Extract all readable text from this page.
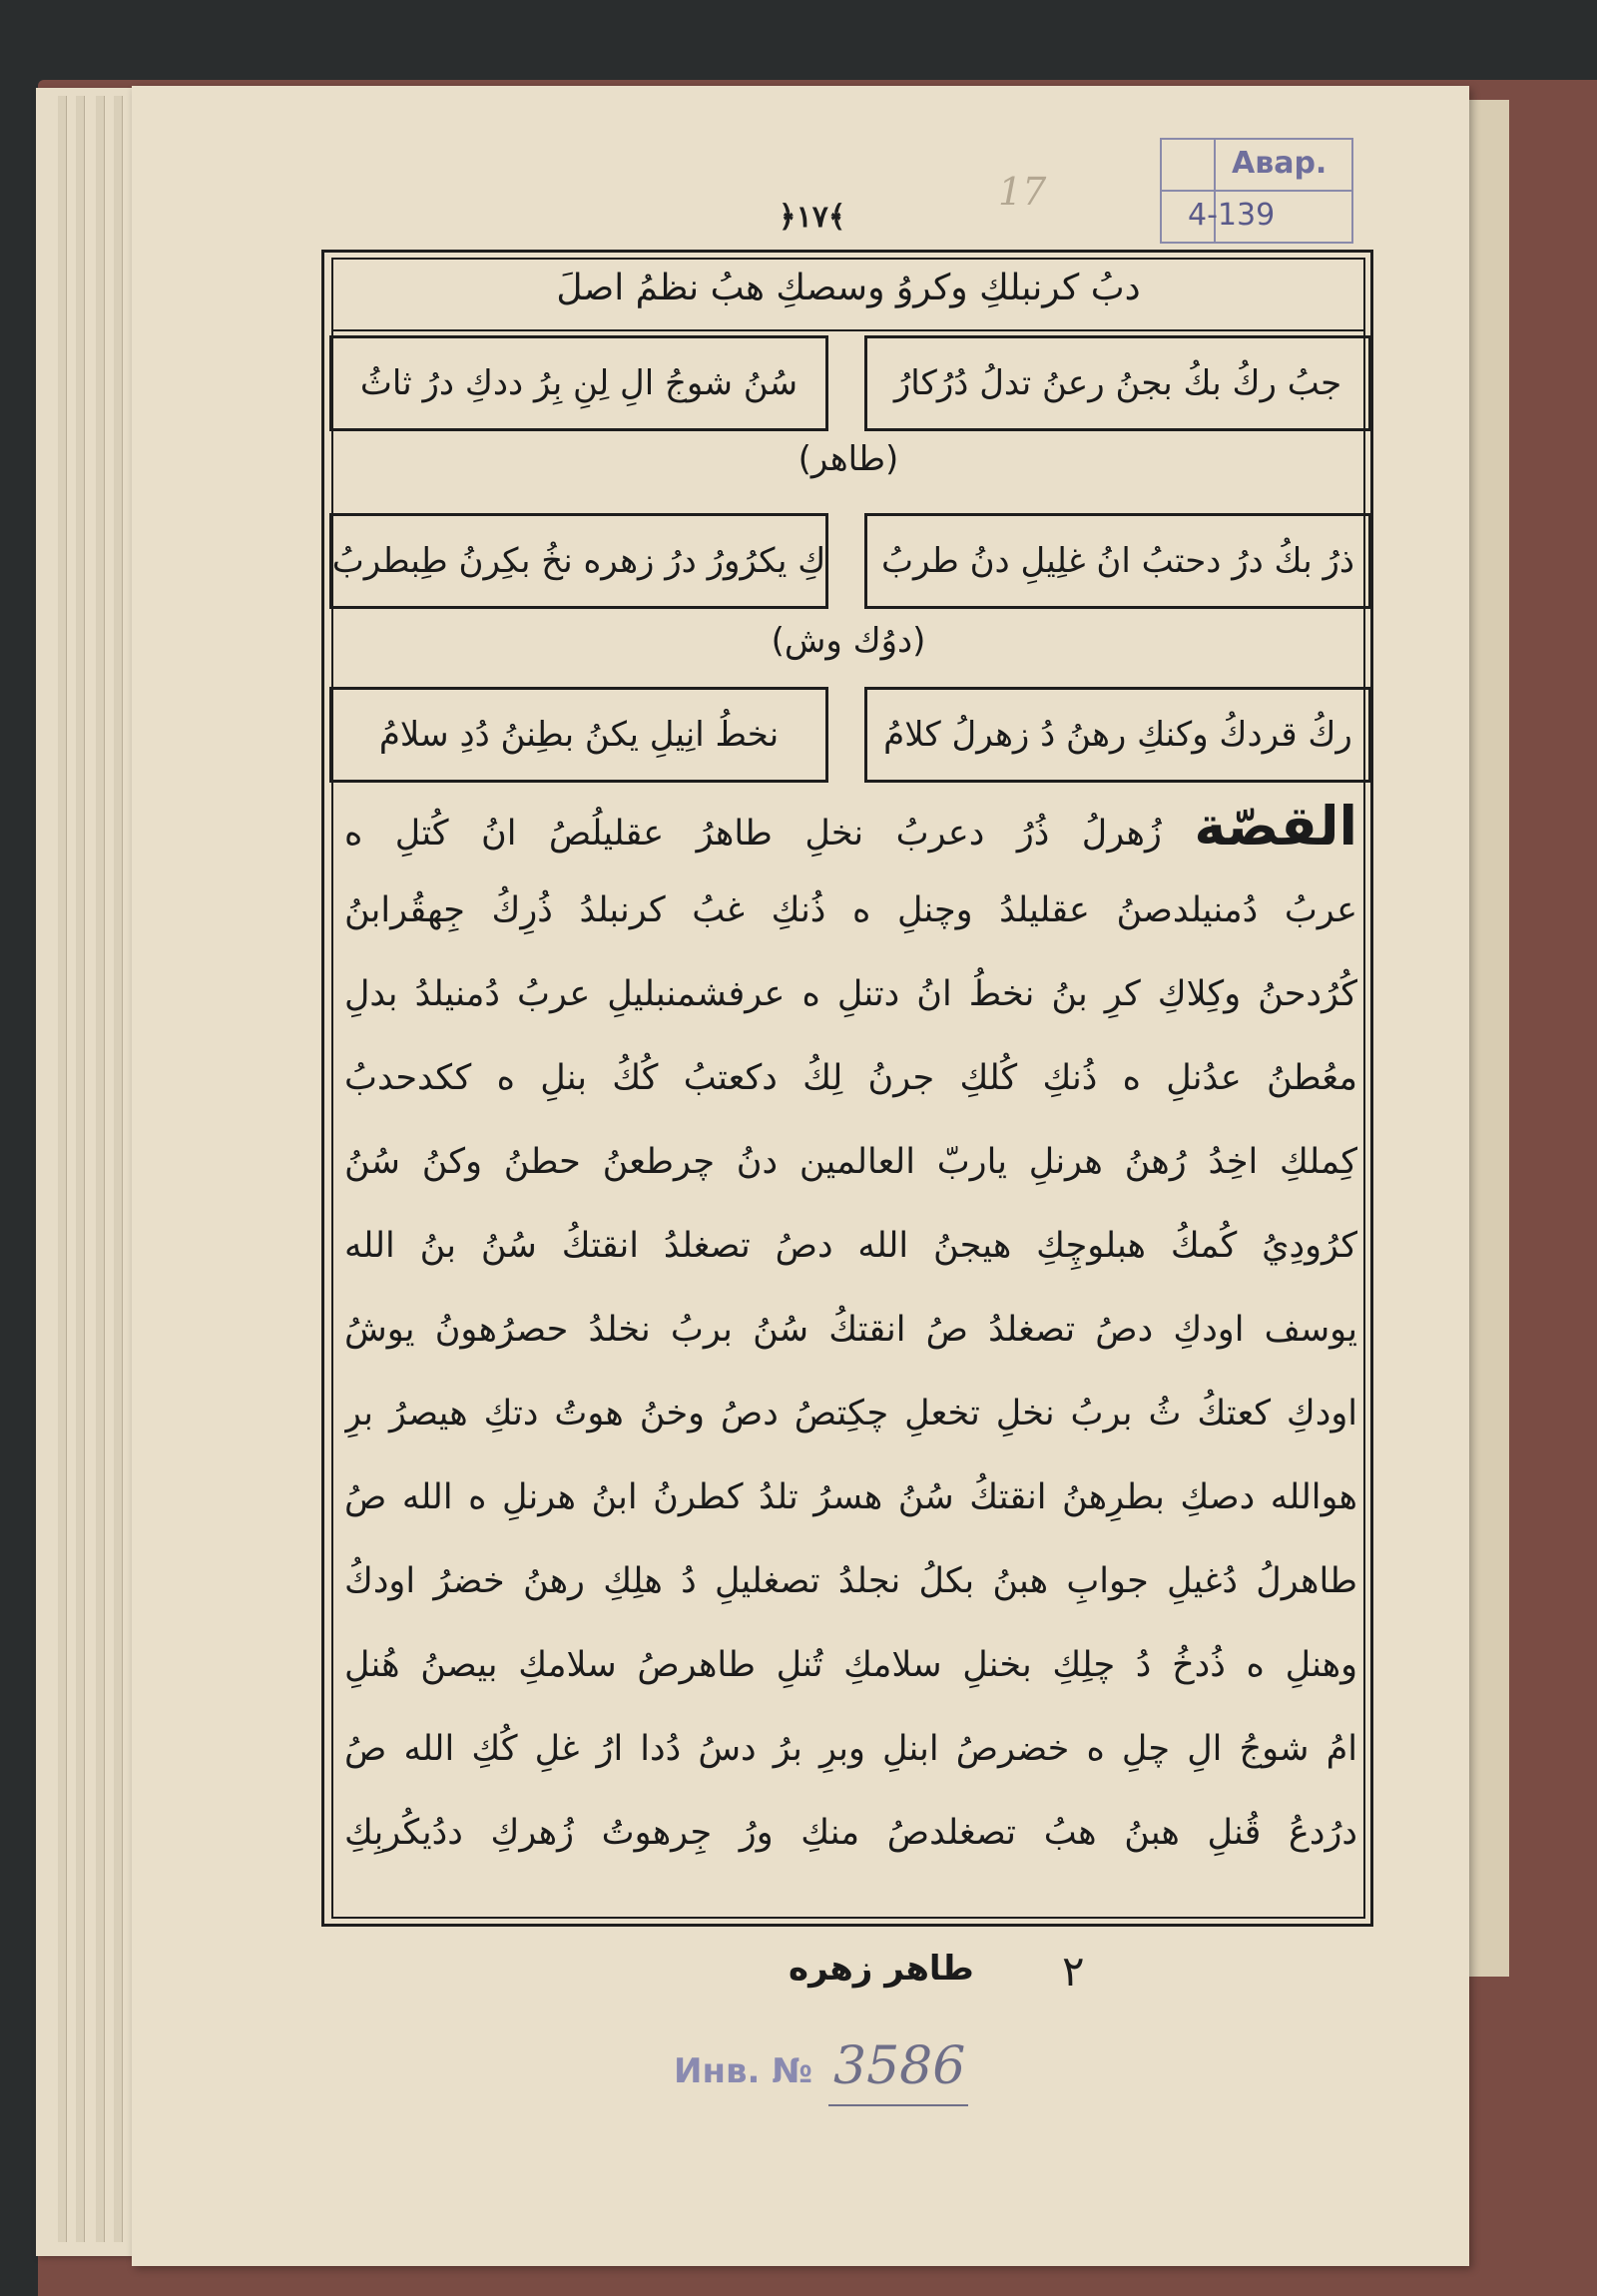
﴿۱۷﴾
17
Авар.
4-139
دبُ كرنبلكِ وكروُ وسصكِ هبُ نظمُ اصلَ
جبُ ركُ بكُ بجنُ رعنُ تدلُ دُرُكارُ
سُنُ شوجُ الِ لِنِ بِرُ ددكِ درُ ثاثُ
(طاهر)
ذرُ بكُ درُ دحتبُ انُ غلِيلِ دنُ طربُ
كِ يكرُورُ درُ زهره نخُ بكِرنُ طِبطربُ
(دوُك وش)
ركُ قردكُ وكنكِ رهنُ دُ زهرلُ كلامُ
نخطُ انِيلِ يكنُ بطِننُ دُدِ سلامُ
القصّة زُهرلُ ذُرُ دعربُ نخلِ طاهرُ عقليلُصُ انُ كُتلِ ه
عربُ دُمنيلدصنُ عقليلدُ وچنلِ ه ذُنكِ غبُ كرنبلدُ ذُرِكُ جِهقُرابنُ
كُرُدحنُ وكِلاكِ كرِ بنُ نخطُ انُ دتنلِ ه عرفشمنبليلِ عربُ دُمنيلدُ بدلِ
معُطنُ عدُنلِ ه ذُنكِ كُلكِ جرنُ لِكُ دكعتبُ كُكُ بنلِ ه ككدحدبُ
كِملكِ اخِدُ رُهنُ هرنلِ ياربّ العالمين دنُ چرطعنُ حطنُ وكنُ سُنُ
كرُودِيُ كُمكُ هبلوچِكِ هيجنُ الله دصُ تصغلدُ انقتكُ سُنُ بنُ الله
يوسف اودكِ دصُ تصغلدُ صُ انقتكُ سُنُ بربُ نخلدُ حصرُهونُ يوشُ
اودكِ كعتكُ ثُ بربُ نخلِ تخعلِ چكِتصُ دصُ وخنُ هوتُ دتكِ هيصرُ برِ
هوالله دصكِ بطرِهنُ انقتكُ سُنُ هسرُ تلدُ كطرنُ ابنُ هرنلِ ه الله صُ
طاهرلُ دُغيلِ جوابِ هبنُ بكلُ نجلدُ تصغليلِ دُ هلِكِ رهنُ خضرُ اودكُ
وهنلِ ه ذُدخُ دُ چلِكِ بخنلِ سلامكِ تُنلِ طاهرصُ سلامكِ بيصنُ هُنلِ
امُ شوجُ الِ چلِ ه خضرصُ ابنلِ وبرِ برُ دسُ دُدا ارُ غلِ كُكِ الله صُ
درُدعُ قُنلِ هبنُ هبُ تصغلدصُ منكِ ورُ جِرهوتُ زُهركِ ددُيكُربِكِ
٢
طاهر زهره
Инв. № 3586
